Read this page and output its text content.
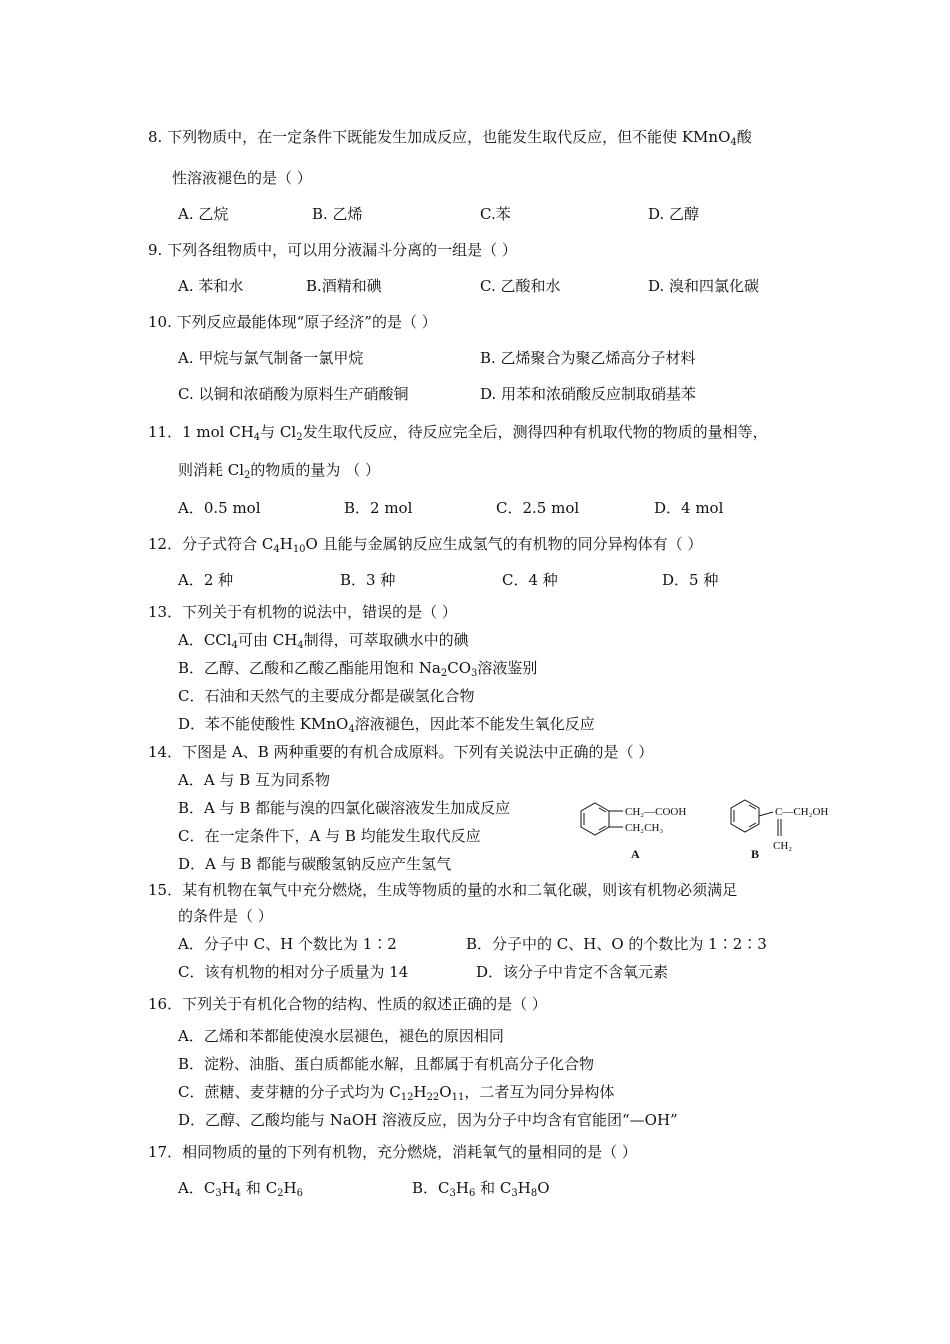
8. 下列物质中，在一定条件下既能发生加成反应，也能发生取代反应，但不能使 KMnO$_4$酸
性溶液褪色的是（ ）
A. 乙烷	B. 乙烯	C.苯	D. 乙醇
9. 下列各组物质中，可以用分液漏斗分离的一组是（ ）
A. 苯和水	B.酒精和碘	C. 乙酸和水	D. 溴和四氯化碳
10. 下列反应最能体现“原子经济”的是（ ）
A. 甲烷与氯气制备一氯甲烷	B. 乙烯聚合为聚乙烯高分子材料
C. 以铜和浓硝酸为原料生产硝酸铜	D. 用苯和浓硝酸反应制取硝基苯
11．1 mol $CH_4$与 $Cl_2$发生取代反应，待反应完全后，测得四种有机取代物的物质的量相等，
则消耗 $Cl_2$的物质的量为 （ ）
A．0.5 mol	B．2 mol	C．2.5 mol	D．4 mol
12．分子式符合 $C_4H_{10}O$ 且能与金属钠反应生成氢气的有机物的同分异构体有（ ）
A．2 种	B．3 种	C．4 种	D．5 种
13．下列关于有机物的说法中，错误的是（ ）
A．CCl$_4$可由 $CH_4$制得，可萃取碘水中的碘
B．乙醇、乙酸和乙酸乙酯能用饱和 $Na_2CO_3$溶液鉴别
C．石油和天然气的主要成分都是碳氢化合物
D．苯不能使酸性 KMnO$_4$溶液褪色，因此苯不能发生氧化反应
14．下图是 A、B 两种重要的有机合成原料。下列有关说法中正确的是（ ）
A．A 与 B 互为同系物
B．A 与 B 都能与溴的四氯化碳溶液发生加成反应
C．在一定条件下，A 与 B 均能发生取代反应
D．A 与 B 都能与碳酸氢钠反应产生氢气
CH₂—COOH
CH₂CH₃
A
C—CH₂OH
CH₂
B
15．某有机物在氧气中充分燃烧，生成等物质的量的水和二氧化碳，则该有机物必须满足
的条件是（ ）
A．分子中 C、H 个数比为 1∶2	B．分子中的 C、H、O 的个数比为 1∶2∶3
C．该有机物的相对分子质量为 14	D．该分子中肯定不含氧元素
16．下列关于有机化合物的结构、性质的叙述正确的是（ ）
A．乙烯和苯都能使溴水层褪色，褪色的原因相同
B．淀粉、油脂、蛋白质都能水解，且都属于有机高分子化合物
C．蔗糖、麦芽糖的分子式均为 $C_{12}H_{22}O_{11}$，二者互为同分异构体
D．乙醇、乙酸均能与 NaOH 溶液反应，因为分子中均含有官能团“—OH”
17．相同物质的量的下列有机物，充分燃烧，消耗氧气的量相同的是（ ）
A．$C_3H_4$ 和 $C_2H_6$	B．$C_3H_6$ 和 $C_3H_8O$
